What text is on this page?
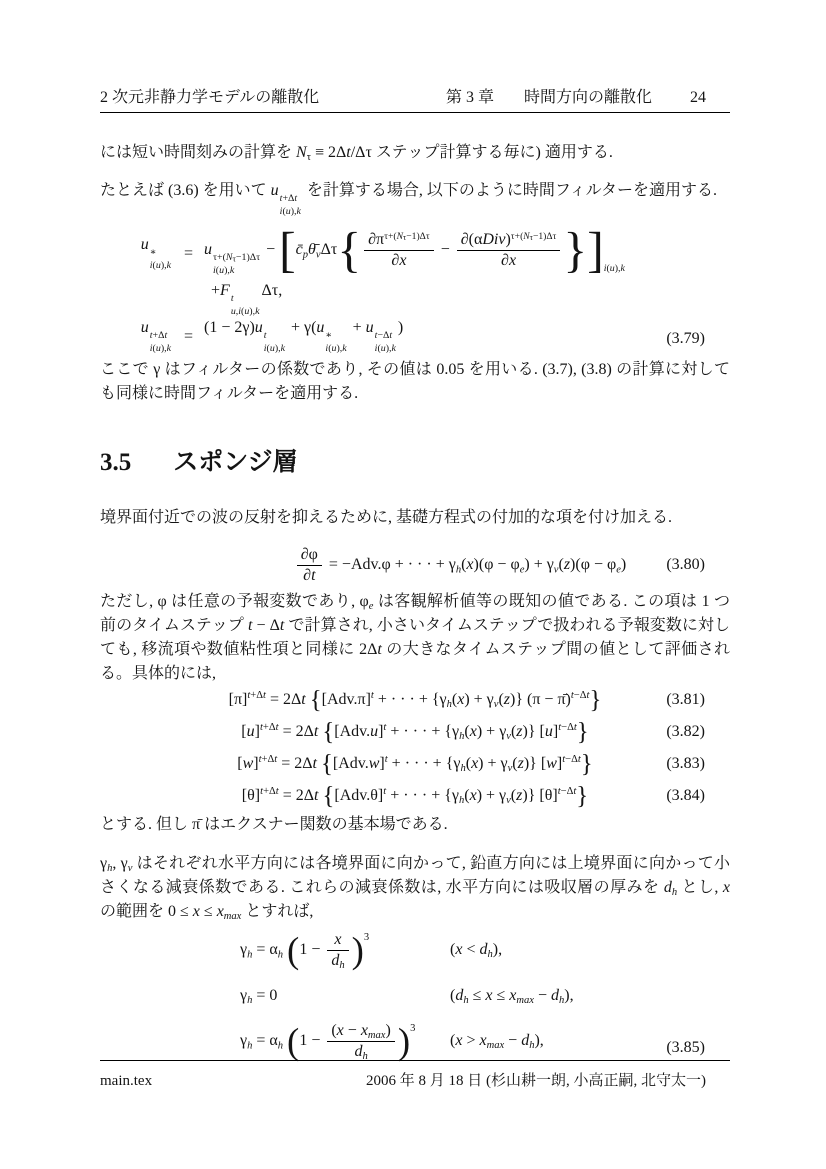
2 次元非静力学モデルの離散化	第 3 章 時間方向の離散化 24
には短い時間刻みの計算を $N_\tau \equiv 2\Delta t/\Delta\tau$ ステップ計算する毎に) 適用する.
たとえば (3.6) を用いて u t+Δt
i(u),k
を計算する場合, 以下のように時間フィルターを適用する.
u ∗
i(u),k
= u $\tau+(N_\tau-1)\Delta\tau$
i(u),k
− [$c̄_p\thetā_v\Delta\tau\{ \frac{\partial\pi^{\tau+(N_\tau-1)\Delta\tau}}{\partial x}$ −
$\partial(\alpha Div)^{\tau+(N_\tau-1)\Delta\tau}$
∂x }]$_{i(u),k}$
+F t
u,i(u),k
Δτ,
u t+Δt
i(u),k
=
(1 − 2γ)u t
i(u),k
+ γ(u ∗
i(u),k
+ u t−Δt
i(u),k
)
(3.79)
ここで γ はフィルターの係数であり, その値は 0.05 を用いる. (3.7), (3.8) の計算に対しても同様に時間フィルターを適用する.
3.5 スポンジ層
境界面付近での波の反射を抑えるために, 基礎方程式の付加的な項を付け加える.
$\frac{\partial\varphi}{\partial t} = -Adv.\varphi$ + · · · + $\gamma_h(x)(\varphi - \varphi_e) + \gamma_v(z)(\varphi - \varphi_e)$	(3.80)
ただし, φ は任意の予報変数であり, $\varphi_e$ は客観解析値等の既知の値である. この項は 1 つ前のタイムステップ t − Δt で計算され, 小さいタイムステップで扱われる予報変数に対しても, 移流項や数値粘性項と同様に 2Δt の大きなタイムステップ間の値として評価される。具体的には,
$[\pi]^{t+\Delta t} = 2\Delta t$ {$[Adv.\pi]^t$ + · · · + $\{\gamma_h(x) + \gamma_v(z)\} (\pi$ − π̄)$^{t-\Delta t}$}	(3.81)
$[u]^{t+\Delta t} = 2\Delta t$ {$[Adv.u]^t$ + · · · + $\{\gamma_h(x) + \gamma_v(z)\}$ $[u]^{t-\Delta t}$}	(3.82)
$[w]^{t+\Delta t} = 2\Delta t$ {$[Adv.w]^t$ + · · · + $\{\gamma_h(x) + \gamma_v(z)\}$ $[w]^{t-\Delta t}$}	(3.83)
$[\theta]^{t+\Delta t} = 2\Delta t$ {$[Adv.\theta]^t$ + · · · + $\{\gamma_h(x) + \gamma_v(z)\}$ $[\theta]^{t-\Delta t}$}	(3.84)
とする. 但し π̄ はエクスナー関数の基本場である.
$\gamma_h$, $\gamma_v$ はそれぞれ水平方向には各境界面に向かって, 鉛直方向には上境界面に向かって小さくなる減衰係数である. これらの減衰係数は, 水平方向には吸収層の厚みを $d_h$ とし, x の範囲を $0 \le x \le x_{max}$ とすれば,
$\gamma_h = \alpha_h$ $(1 - \frac{x}{d_h} )^3(x < d_h)$,
$\gamma_h = 0$	$(d_h \le x \le x_{max} - d_h)$,
$\gamma_h = \alpha_h$ (1 −
$(x - x_{max})$
$d_h$ )$^3(x > x_{max} - d_h)$,	(3.85)
main.tex	2006 年 8 月 18 日 (杉山耕一朗, 小高正嗣, 北守太一)
